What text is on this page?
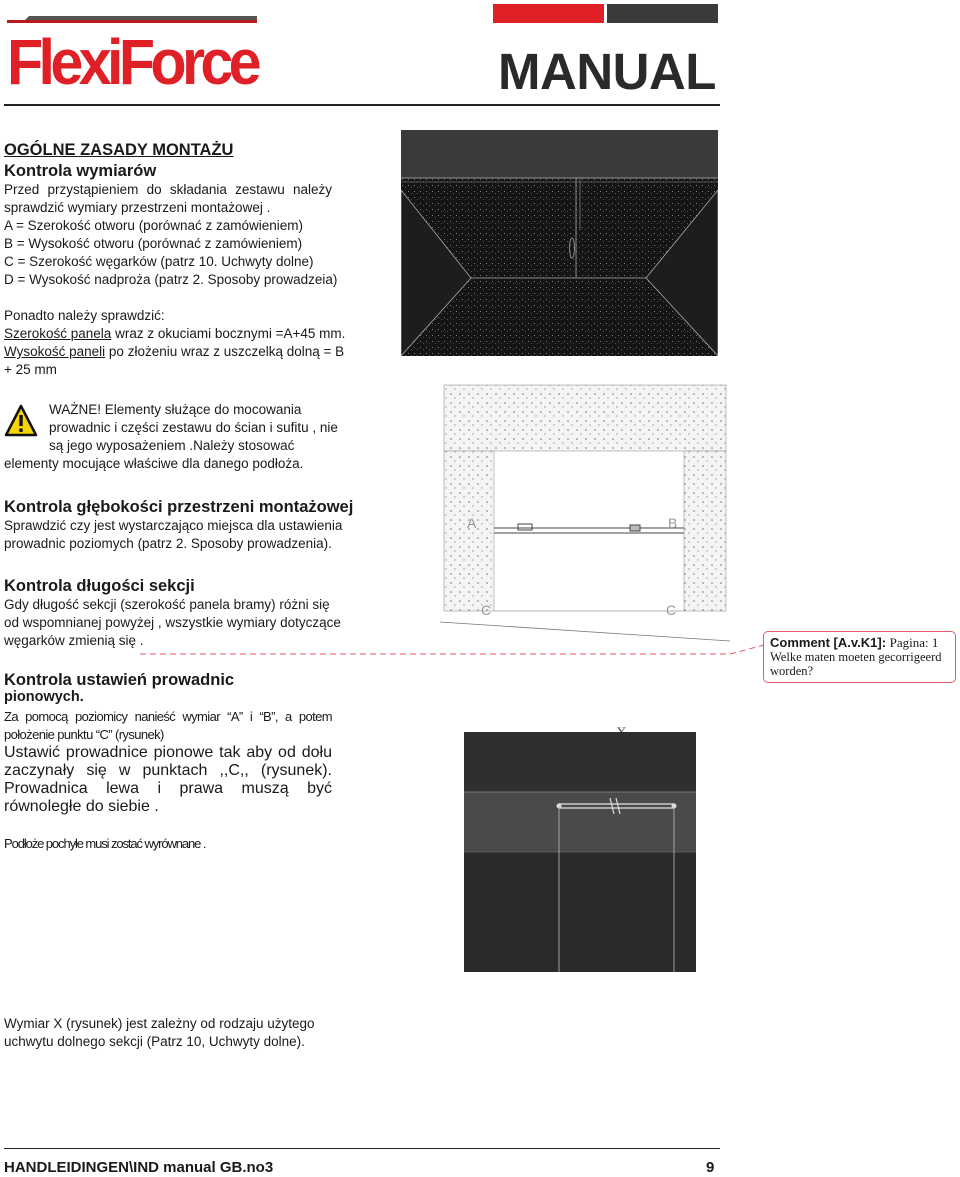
FlexiForce	MANUAL
OGÓLNE ZASADY MONTAŻU
Kontrola wymiarów
Przed przystąpieniem do składania zestawu należy
sprawdzić wymiary przestrzeni montażowej .
A = Szerokość otworu (porównać z zamówieniem)
B = Wysokość otworu (porównać z zamówieniem)
C = Szerokość węgarków (patrz 10. Uchwyty dolne)
D = Wysokość nadproża (patrz 2. Sposoby prowadzeia)
Ponadto należy sprawdzić:
Szerokość panela wraz z okuciami bocznymi =A+45 mm.
Wysokość paneli po złożeniu wraz z uszczelką dolną = B
+ 25 mm
WAŻNE! Elementy służące do mocowania
prowadnic i części zestawu do ścian i sufitu , nie
są jego wyposażeniem .Należy stosować
elementy mocujące właściwe dla danego podłoża.
Kontrola głębokości przestrzeni montażowej
Sprawdzić czy jest wystarczająco miejsca dla ustawienia
prowadnic poziomych (patrz 2. Sposoby prowadzenia).
Kontrola długości sekcji
Gdy długość sekcji (szerokość panela bramy) różni się
od wspomnianej powyżej , wszystkie wymiary dotyczące
węgarków zmienią się .
Kontrola ustawień prowadnic
pionowych.
Za pomocą poziomicy nanieść wymiar “A” i “B”, a potem
położenie punktu “C” (rysunek)
Ustawić prowadnice pionowe tak aby od dołu
zaczynały się w punktach ,,C,, (rysunek).
Prowadnica lewa i prawa muszą być
równoległe do siebie .
Podłoże pochyłe musi zostać wyrównane .
Wymiar X (rysunek) jest zależny od rodzaju użytego
uchwytu dolnego sekcji (Patrz 10, Uchwyty dolne).
HANDLEIDINGEN\IND manual GB.no3	9
A	B
C	C
Comment [A.v.K1]: Pagina: 1
Welke maten moeten gecorrigeerd worden?
